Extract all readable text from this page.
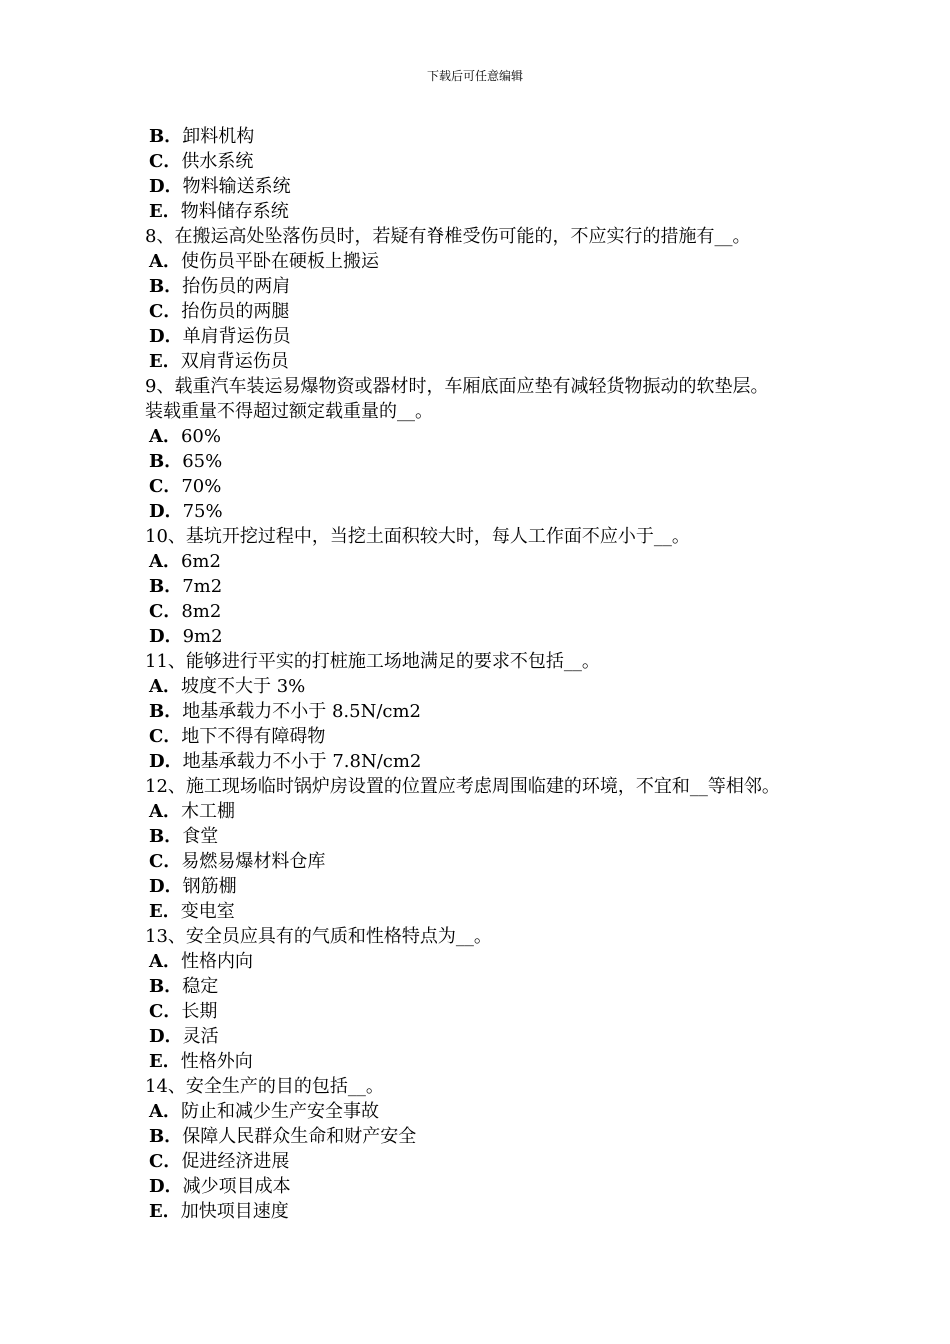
下载后可任意编辑
B．卸料机构
C．供水系统
D．物料输送系统
E．物料储存系统
8、在搬运高处坠落伤员时，若疑有脊椎受伤可能的，不应实行的措施有__。
A．使伤员平卧在硬板上搬运
B．抬伤员的两肩
C．抬伤员的两腿
D．单肩背运伤员
E．双肩背运伤员
9、载重汽车装运易爆物资或器材时，车厢底面应垫有减轻货物振动的软垫层。
装载重量不得超过额定载重量的__。
A．60%
B．65%
C．70%
D．75%
10、基坑开挖过程中，当挖土面积较大时，每人工作面不应小于__。
A．6m2
B．7m2
C．8m2
D．9m2
11、能够进行平实的打桩施工场地满足的要求不包括__。
A．坡度不大于 3%
B．地基承载力不小于 8.5N/cm2
C．地下不得有障碍物
D．地基承载力不小于 7.8N/cm2
12、施工现场临时锅炉房设置的位置应考虑周围临建的环境，不宜和__等相邻。
A．木工棚
B．食堂
C．易燃易爆材料仓库
D．钢筋棚
E．变电室
13、安全员应具有的气质和性格特点为__。
A．性格内向
B．稳定
C．长期
D．灵活
E．性格外向
14、安全生产的目的包括__。
A．防止和减少生产安全事故
B．保障人民群众生命和财产安全
C．促进经济进展
D．减少项目成本
E．加快项目速度
